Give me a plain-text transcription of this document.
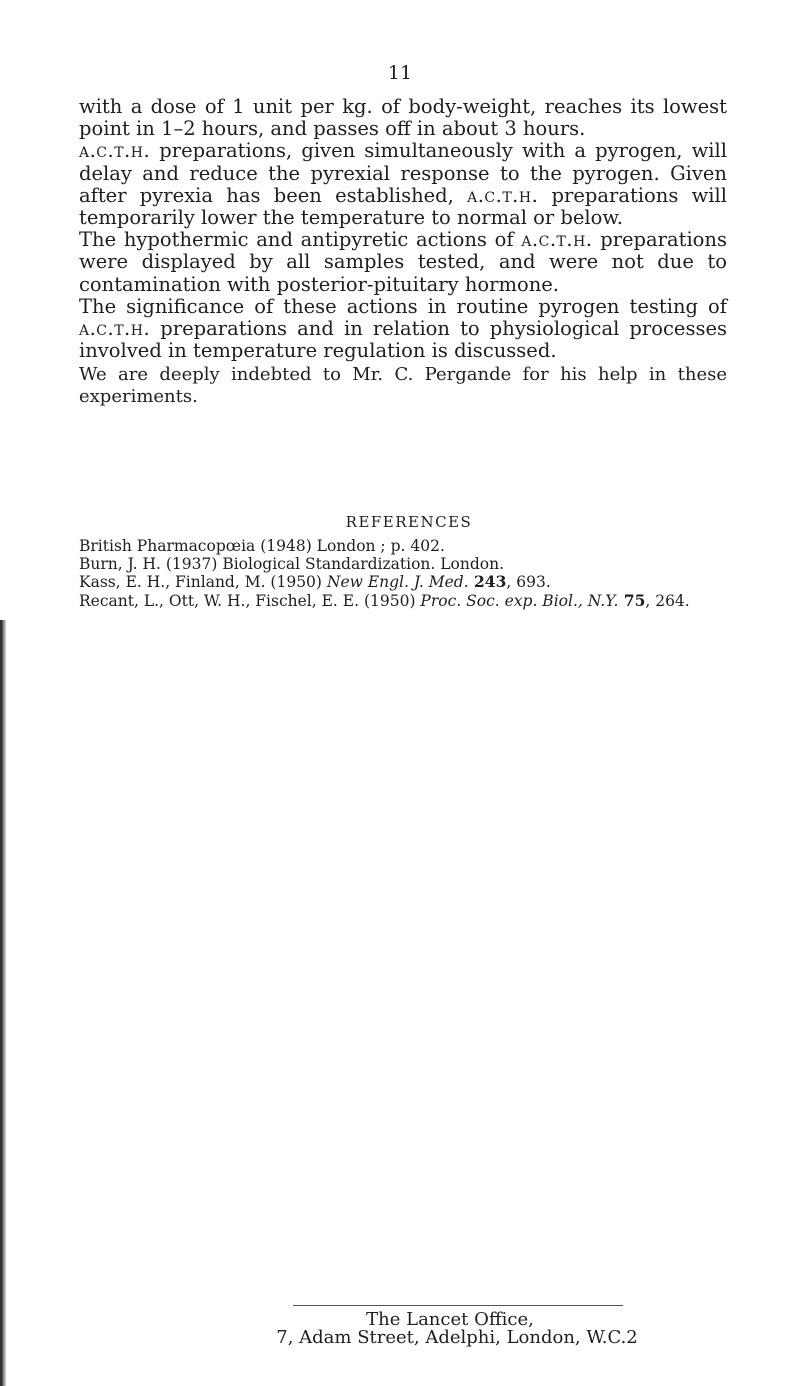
11

with a dose of 1 unit per kg. of body-weight, reaches its lowest point in 1–2 hours, and passes off in about 3 hours.

a.c.t.h. preparations, given simultaneously with a pyrogen, will delay and reduce the pyrexial response to the pyrogen. Given after pyrexia has been established, a.c.t.h. preparations will temporarily lower the temperature to normal or below.

The hypothermic and antipyretic actions of a.c.t.h. preparations were displayed by all samples tested, and were not due to contamination with posterior-pituitary hormone.

The significance of these actions in routine pyrogen testing of a.c.t.h. preparations and in relation to physiological processes involved in temperature regulation is discussed.

We are deeply indebted to Mr. C. Pergande for his help in these experiments.

REFERENCES

British Pharmacopœia (1948) London ; p. 402.

Burn, J. H. (1937) Biological Standardization. London.

Kass, E. H., Finland, M. (1950) New Engl. J. Med. 243, 693.

Recant, L., Ott, W. H., Fischel, E. E. (1950) Proc. Soc. exp. Biol., N.Y. 75, 264.

The Lancet Office,
7, Adam Street, Adelphi, London, W.C.2
